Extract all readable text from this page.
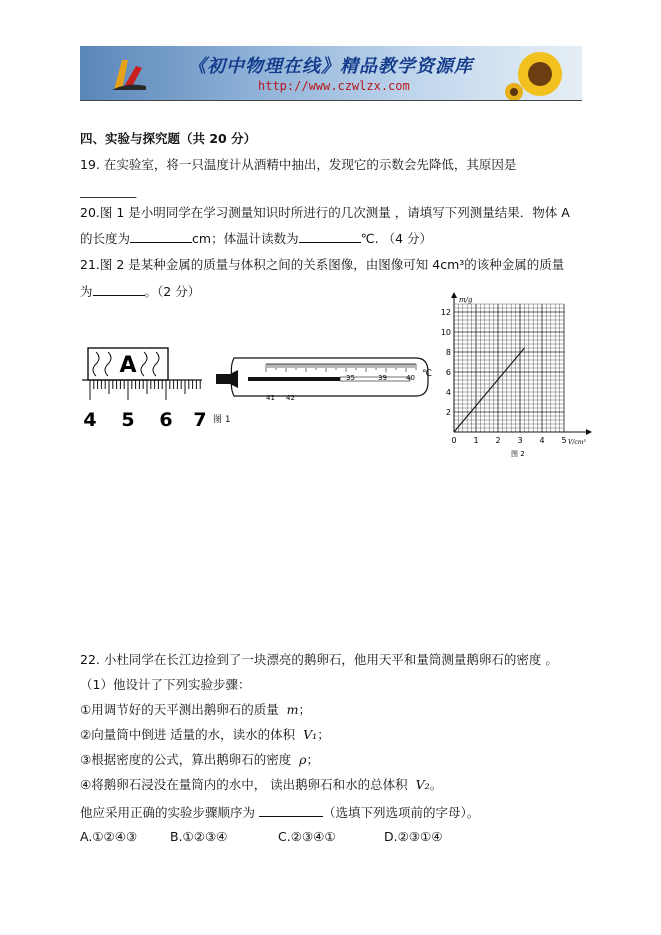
《初中物理在线》精品教学资源库
http://www.czwlzx.com
四、实验与探究题（共 20 分）
19. 在实验室，将一只温度计从酒精中抽出，发现它的示数会先降低，其原因是
_________
20.图 1 是小明同学在学习测量知识时所进行的几次测量 ，请填写下列测量结果．物体 A
的长度为	cm；体温计读数为	℃. （4 分）
21.图 2 是某种金属的质量与体积之间的关系图像，由图像可知 4cm³的该种金属的质量
为	。（2 分）
A
4 5 6 7
35	39	40 ℃
41 42
图 1
2
4
6
8
10
12
0 1 2 3 4 5
m/g
V/cm³
图 2
22. 小杜同学在长江边捡到了一块漂亮的鹅卵石，他用天平和量筒测量鹅卵石的密度 。
（1）他设计了下列实验步骤：
①用调节好的天平测出鹅卵石的质量 m；
②向量筒中倒进 适量的水，读水的体积 V₁；
③根据密度的公式，算出鹅卵石的密度 ρ；
④将鹅卵石浸没在量筒内的水中， 读出鹅卵石和水的总体积 V₂。
他应采用正确的实验步骤顺序为	（选填下列选项前的字母）。
A.①②④③	B.①②③④	C.②③④①	D.②③①④
